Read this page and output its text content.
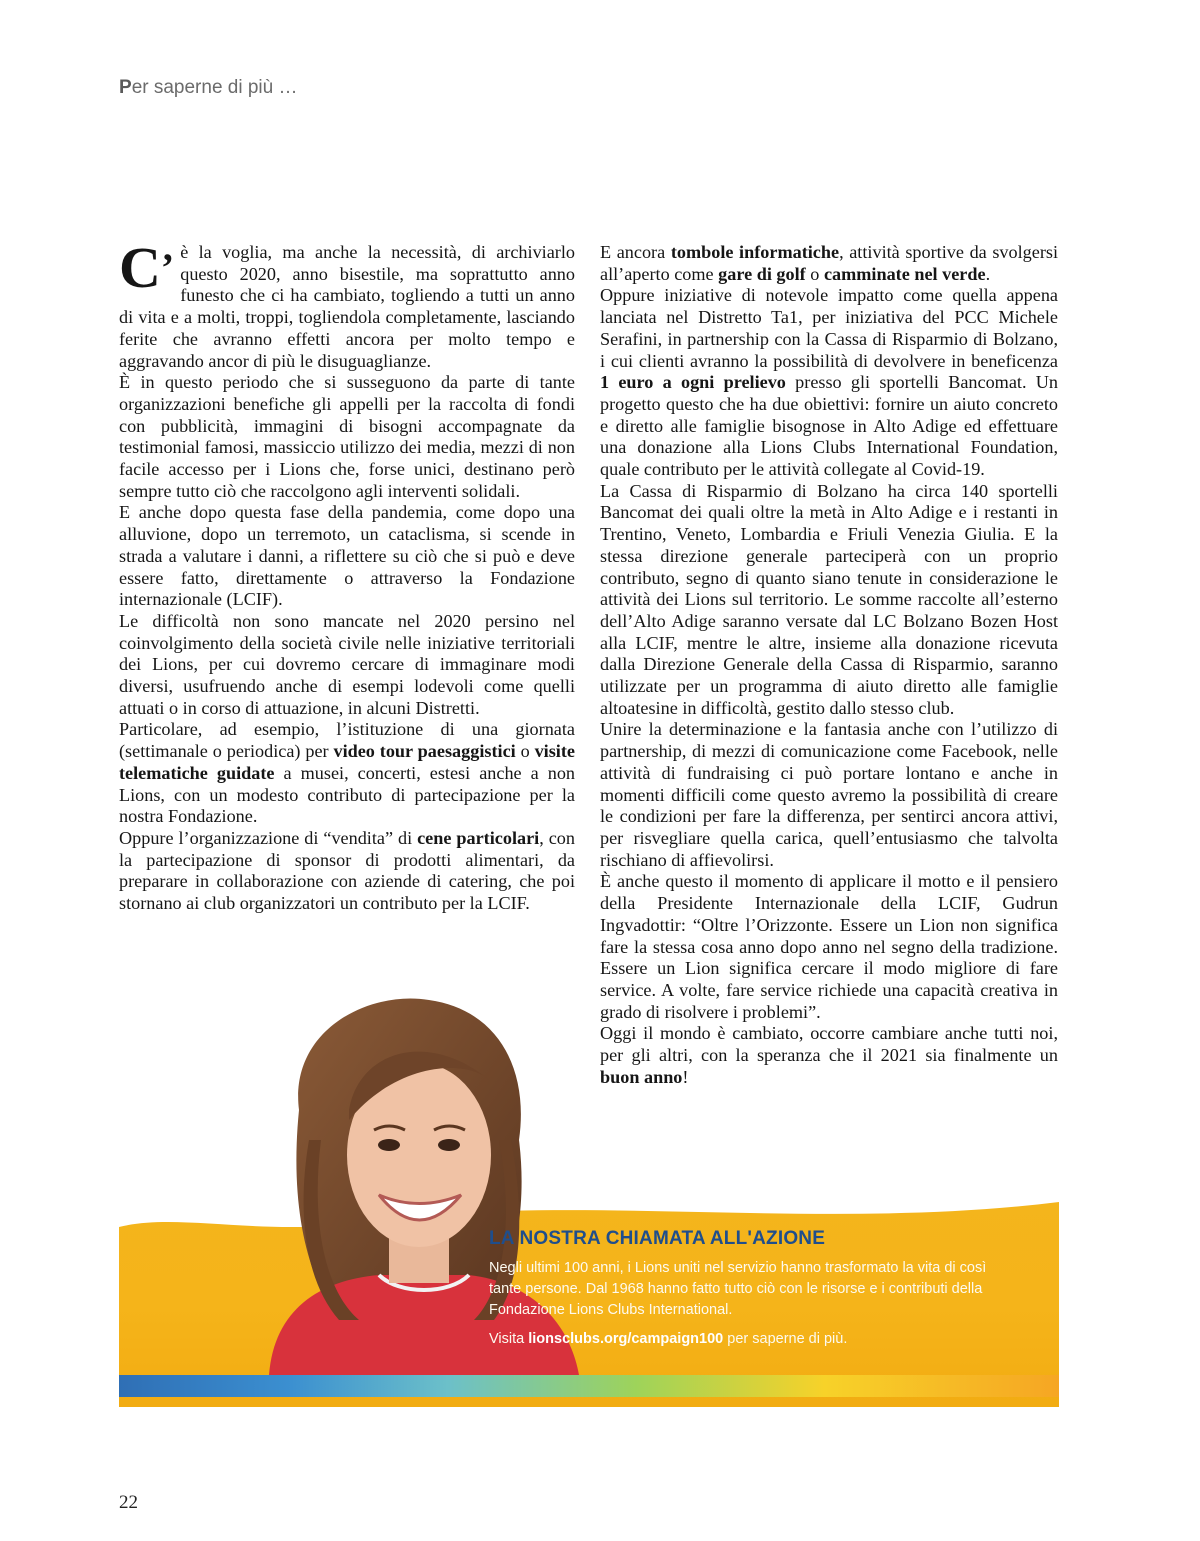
Per saperne di più …

C’ è la voglia, ma anche la necessità, di archiviarlo questo 2020, anno bisestile, ma soprattutto anno funesto che ci ha cambiato, togliendo a tutti un anno di vita e a molti, troppi, togliendola completamente, lasciando ferite che avranno effetti ancora per molto tempo e aggravando ancor di più le disuguaglianze.

È in questo periodo che si susseguono da parte di tante organizzazioni benefiche gli appelli per la raccolta di fondi con pubblicità, immagini di bisogni accompagnate da testimonial famosi, massiccio utilizzo dei media, mezzi di non facile accesso per i Lions che, forse unici, destinano però sempre tutto ciò che raccolgono agli interventi solidali.

E anche dopo questa fase della pandemia, come dopo una alluvione, dopo un terremoto, un cataclisma, si scende in strada a valutare i danni, a riflettere su ciò che si può e deve essere fatto, direttamente o attraverso la Fondazione internazionale (LCIF).

Le difficoltà non sono mancate nel 2020 persino nel coinvolgimento della società civile nelle iniziative territoriali dei Lions, per cui dovremo cercare di immaginare modi diversi, usufruendo anche di esempi lodevoli come quelli attuati o in corso di attuazione, in alcuni Distretti.

Particolare, ad esempio, l’istituzione di una giornata (settimanale o periodica) per video tour paesaggistici o visite telematiche guidate a musei, concerti, estesi anche a non Lions, con un modesto contributo di partecipazione per la nostra Fondazione.

Oppure l’organizzazione di “vendita” di cene particolari, con la partecipazione di sponsor di prodotti alimentari, da preparare in collaborazione con aziende di catering, che poi stornano ai club organizzatori un contributo per la LCIF.

E ancora tombole informatiche, attività sportive da svolgersi all’aperto come gare di golf o camminate nel verde.

Oppure iniziative di notevole impatto come quella appena lanciata nel Distretto Ta1, per iniziativa del PCC Michele Serafini, in partnership con la Cassa di Risparmio di Bolzano, i cui clienti avranno la possibilità di devolvere in beneficenza 1 euro a ogni prelievo presso gli sportelli Bancomat. Un progetto questo che ha due obiettivi: fornire un aiuto concreto e diretto alle famiglie bisognose in Alto Adige ed effettuare una donazione alla Lions Clubs International Foundation, quale contributo per le attività collegate al Covid-19.

La Cassa di Risparmio di Bolzano ha circa 140 sportelli Bancomat dei quali oltre la metà in Alto Adige e i restanti in Trentino, Veneto, Lombardia e Friuli Venezia Giulia. E la stessa direzione generale parteciperà con un proprio contributo, segno di quanto siano tenute in considerazione le attività dei Lions sul territorio. Le somme raccolte all’esterno dell’Alto Adige saranno versate dal LC Bolzano Bozen Host alla LCIF, mentre le altre, insieme alla donazione ricevuta dalla Direzione Generale della Cassa di Risparmio, saranno utilizzate per un programma di aiuto diretto alle famiglie altoatesine in difficoltà, gestito dallo stesso club.

Unire la determinazione e la fantasia anche con l’utilizzo di partnership, di mezzi di comunicazione come Facebook, nelle attività di fundraising ci può portare lontano e anche in momenti difficili come questo avremo la possibilità di creare le condizioni per fare la differenza, per sentirci ancora attivi, per risvegliare quella carica, quell’entusiasmo che talvolta rischiano di affievolirsi.

È anche questo il momento di applicare il motto e il pensiero della Presidente Internazionale della LCIF, Gudrun Ingvadottir: “Oltre l’Orizzonte. Essere un Lion non significa fare la stessa cosa anno dopo anno nel segno della tradizione. Essere un Lion significa cercare il modo migliore di fare service. A volte, fare service richiede una capacità creativa in grado di risolvere i problemi”.

Oggi il mondo è cambiato, occorre cambiare anche tutti noi, per gli altri, con la speranza che il 2021 sia finalmente un buon anno!

LA NOSTRA CHIAMATA ALL'AZIONE
Negli ultimi 100 anni, i Lions uniti nel servizio hanno trasformato la vita di così tante persone. Dal 1968 hanno fatto tutto ciò con le risorse e i contributi della Fondazione Lions Clubs International.
Visita lionsclubs.org/campaign100 per saperne di più.
22
